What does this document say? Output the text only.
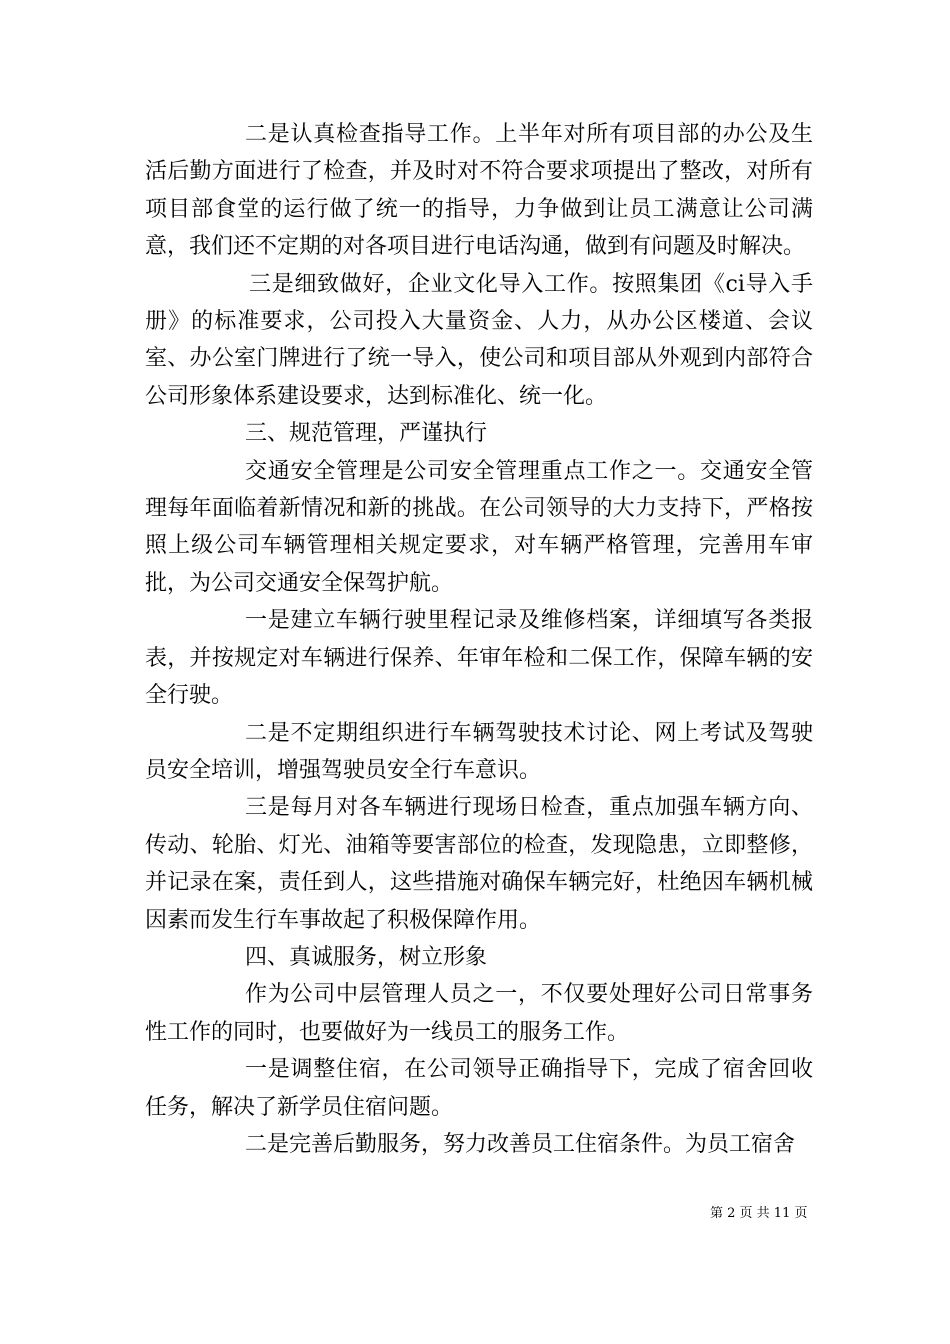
二是认真检查指导工作。上半年对所有项目部的办公及生活后勤方面进行了检查，并及时对不符合要求项提出了整改，对所有项目部食堂的运行做了统一的指导，力争做到让员工满意让公司满意，我们还不定期的对各项目进行电话沟通，做到有问题及时解决。

三是细致做好，企业文化导入工作。按照集团《ci导入手册》的标准要求，公司投入大量资金、人力，从办公区楼道、会议室、办公室门牌进行了统一导入，使公司和项目部从外观到内部符合公司形象体系建设要求，达到标准化、统一化。

三、规范管理，严谨执行

交通安全管理是公司安全管理重点工作之一。交通安全管理每年面临着新情况和新的挑战。在公司领导的大力支持下，严格按照上级公司车辆管理相关规定要求，对车辆严格管理，完善用车审批，为公司交通安全保驾护航。

一是建立车辆行驶里程记录及维修档案，详细填写各类报表，并按规定对车辆进行保养、年审年检和二保工作，保障车辆的安全行驶。

二是不定期组织进行车辆驾驶技术讨论、网上考试及驾驶员安全培训，增强驾驶员安全行车意识。

三是每月对各车辆进行现场日检查，重点加强车辆方向、传动、轮胎、灯光、油箱等要害部位的检查，发现隐患，立即整修，并记录在案，责任到人，这些措施对确保车辆完好，杜绝因车辆机械因素而发生行车事故起了积极保障作用。

四、真诚服务，树立形象

作为公司中层管理人员之一，不仅要处理好公司日常事务性工作的同时，也要做好为一线员工的服务工作。

一是调整住宿，在公司领导正确指导下，完成了宿舍回收任务，解决了新学员住宿问题。

二是完善后勤服务，努力改善员工住宿条件。为员工宿舍

第 2 页 共 11 页
